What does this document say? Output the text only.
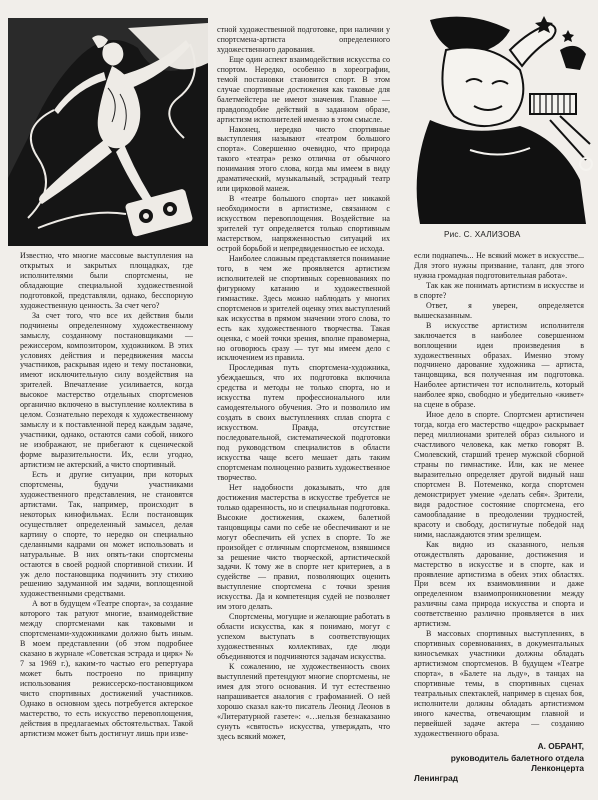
Рис. С. ХАЛИЗОВА

Известно, что многие массовые выступления на открытых и закрытых площадках, где исполнителями были спортсмены, не обладающие специальной художественной подготовкой, представляли, однако, бесспорную художественную ценность. За счет чего?

За счет того, что все их действия были подчинены определенному художественному замыслу, созданному постановщиками — режиссером, композитором, художником. В этих условиях действия и передвижения массы участников, раскрывая идею и тему постановки, имеют исключительную силу воздействия на зрителей. Впечатление усиливается, когда высокое мастерство отдельных спортсменов органично включено в выступление коллектива в целом. Сознательно переходя к художественному замыслу и к поставленной перед каждым задаче, участники, однако, остаются сами собой, никого не изображают, не прибегают к сценической форме выразительности. Их, если угодно, артистизм не актерский, а чисто спортивный.

Есть и другие ситуации, при которых спортсмены, будучи участниками художественного представления, не становятся артистами. Так, например, происходит в некоторых кинофильмах. Если постановщик осуществляет определенный замысел, делая картину о спорте, то нередко он специально сделанными кадрами он может использовать и натуральные. В них опять-таки спортсмены остаются в своей родной спортивной стихии. И уж дело постановщика подчинить эту стихию решению задуманной им задачи, воплощенной художественными средствами.

А вот в будущем «Театре спорта», за создание которого так ратуют многие, взаимодействие между спортсменами как таковыми и спортсменами-художниками должно быть иным. В моем представлении (об этом подробнее сказано в журнале «Советская эстрада и цирк» № 7 за 1969 г.), каким-то частью его репертуара может быть построено по принципу использования режиссерско-постановщиком чисто спортивных достижений участников. Однако в основном здесь потребуется актерское мастерство, то есть искусство перевоплощения, действия в предлагаемых обстоятельствах. Такой артистизм может быть достигнут лишь при изве-

стной художественной подготовке, при наличии у спортсмена-артиста определенного художественного дарования.

Еще один аспект взаимодействия искусства со спортом. Нередко, особенно в хореографии, темой постановки становится спорт. В этом случае спортивные достижения как таковые для балетмейстера не имеют значения. Главное — правдоподобие действий в заданном образе, артистизм исполнителей именно в этом смысле.

Наконец, нередко чисто спортивные выступления называют «театром большого спорта». Совершенно очевидно, что природа такого «театра» резко отлична от обычного понимания этого слова, когда мы имеем в виду драматический, музыкальный, эстрадный театр или цирковой манеж.

В «театре большого спорта» нет никакой необходимости в артистизме, связанном с искусством перевоплощения. Воздействие на зрителей тут определяется только спортивным мастерством, напряженностью ситуаций их острой борьбой и непредвиденностью ее исхода.

Наиболее сложным представляется понимание того, в чем же проявляется артистизм исполнителей не спортивных соревнованиях по фигурному катанию и художественной гимнастике. Здесь можно наблюдать у многих спортсменов и зрителей оценку этих выступлений как искусства в прямом значении этого слова, то есть как художественного творчества. Такая оценка, с моей точки зрения, вполне правомерна, но оговорюсь сразу — тут мы имеем дело с исключением из правила.

Проследивая путь спортсмена-художника, убеждаешься, что их подготовка включила средства и методы не только спорта, но и искусства путем профессионального или самодеятельного обучения. Это и позволило им создать в своих выступлениях сплав спорта с искусством. Правда, отсутствие последовательной, систематической подготовки под руководством специалистов в области искусства чаще всего мешает дать таким спортсменам полноценно развить художественное творчество.

Нет надобности доказывать, что для достижения мастерства в искусстве требуется не только одаренность, но и специальная подготовка. Высокие достижения, скажем, балетной танцовщицы сами по себе не обеспечивают и не могут обеспечить ей успех в спорте. То же произойдет с отличным спортсменом, взявшимся за решение чисто творческой, артистической задачи. К тому же в спорте нет критериев, а в судействе — правил, позволяющих оценить выступление спортсмена с точки зрения искусства. Да и компетенция судей не позволяет им этого делать.

Спортсмены, могущие и желающие работать в области искусства, как я понимаю, могут с успехом выступать в соответствующих художественных коллективах, где люди объединяются и подчиняются задачам искусства.

К сожалению, не художественность своих выступлений претендуют многие спортсмены, не имея для этого основания. И тут естественно напрашивается аналогия с графоманией. О ней хорошо сказал как-то писатель Леонид Леонов в «Литературной газете»: «…нельзя безнаказанно сунуть «святость» искусства, утверждать, что здесь всякий может,

если поднапечь... Не всякий может в искусстве... Для этого нужны призвание, талант, для этого нужна громадная подготовительная работа».

Так как же понимать артистизм в искусстве и в спорте?

Ответ, я уверен, определяется вышесказанным.

В искусстве артистизм исполнителя заключается в наиболее совершенном воплощении идеи произведения в художественных образах. Именно этому подчинено дарование художника — артиста, танцовщика, вся полученная им подготовка. Наиболее артистичен тот исполнитель, который наиболее ярко, свободно и убедительно «живет» на сцене в образе.

Иное дело в спорте. Спортсмен артистичен тогда, когда его мастерство «щедро» раскрывает перед миллионами зрителей образ сильного и счастливого человека, как метко говорят В. Смолевский, старший тренер мужской сборной страны по гимнастике. Или, как не менее выразительно определяет другой видный наш спортсмен В. Потеменко, когда спортсмен демонстрирует умение «делать себя». Зрители, видя радостное состояние спортсмена, его самообладание в преодолении трудностей, красоту и свободу, достигнутые победой над ними, наслаждаются этим зрелищем.

Как видно из сказанного, нельзя отождествлять дарование, достижения и мастерство в искусстве и в спорте, как и проявление артистизма в обеих этих областях. При всем их взаимовлиянии и даже определенном взаимопроникновении между различны сама природа искусства и спорта и соответственно различно проявляется в них артистизм.

В массовых спортивных выступлениях, в спортивных соревнованиях, в документальных киносъемках участники должны обладать артистизмом спортсменов. В будущем «Театре спорта», в «Балете на льду», в танцах на спортивные темы, в спортивных сценах театральных спектаклей, например в сценах боя, исполнители должны обладать артистизмом иного качества, отвечающим главной и первейшей задаче актера — созданию художественного образа.

А. ОБРАНТ,
руководитель балетного отдела Ленконцерта
Ленинград
